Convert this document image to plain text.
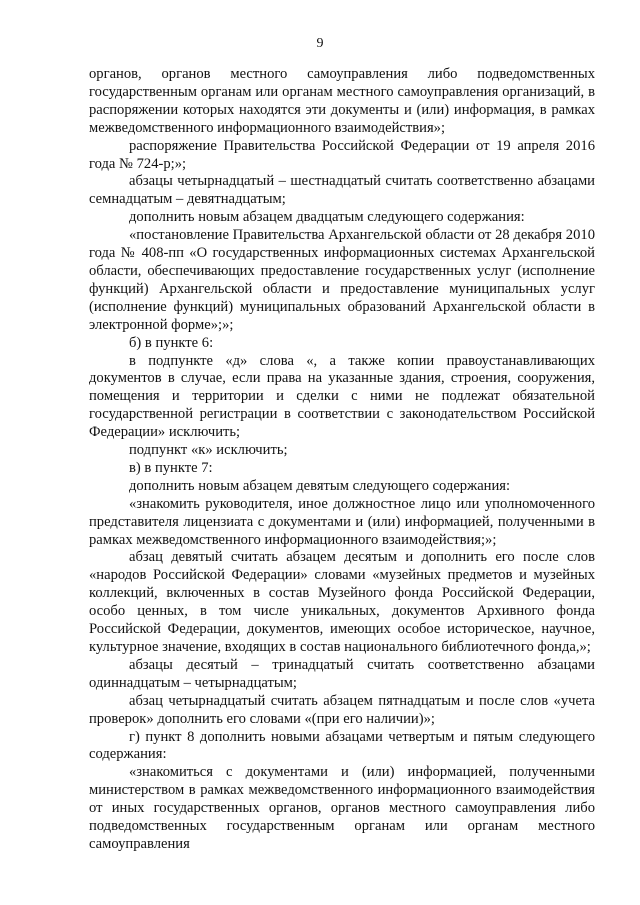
9

органов, органов местного самоуправления либо подведомственных государственным органам или органам местного самоуправления организаций, в распоряжении которых находятся эти документы и (или) информация, в рамках межведомственного информационного взаимодействия»;

распоряжение Правительства Российской Федерации от 19 апреля 2016 года № 724-р;»;

абзацы четырнадцатый – шестнадцатый считать соответственно абзацами семнадцатым – девятнадцатым;

дополнить новым абзацем двадцатым следующего содержания:

«постановление Правительства Архангельской области от 28 декабря 2010 года № 408-пп «О государственных информационных системах Архангельской области, обеспечивающих предоставление государственных услуг (исполнение функций) Архангельской области и предоставление муниципальных услуг (исполнение функций) муниципальных образований Архангельской области в электронной форме»;»;

б) в пункте 6:

в подпункте «д» слова «, а также копии правоустанавливающих документов в случае, если права на указанные здания, строения, сооружения, помещения и территории и сделки с ними не подлежат обязательной государственной регистрации в соответствии с законодательством Российской Федерации» исключить;

подпункт «к» исключить;

в) в пункте 7:

дополнить новым абзацем девятым следующего содержания:

«знакомить руководителя, иное должностное лицо или уполномоченного представителя лицензиата с документами и (или) информацией, полученными в рамках межведомственного информационного взаимодействия;»;

абзац девятый считать абзацем десятым и дополнить его после слов «народов Российской Федерации» словами «музейных предметов и музейных коллекций, включенных в состав Музейного фонда Российской Федерации, особо ценных, в том числе уникальных, документов Архивного фонда Российской Федерации, документов, имеющих особое историческое, научное, культурное значение, входящих в состав национального библиотечного фонда,»;

абзацы десятый – тринадцатый считать соответственно абзацами одиннадцатым – четырнадцатым;

абзац четырнадцатый считать абзацем пятнадцатым и после слов «учета проверок» дополнить его словами «(при его наличии)»;

г) пункт 8 дополнить новыми абзацами четвертым и пятым следующего содержания:

«знакомиться с документами и (или) информацией, полученными министерством в рамках межведомственного информационного взаимодействия от иных государственных органов, органов местного самоуправления либо подведомственных государственным органам или органам местного самоуправления
